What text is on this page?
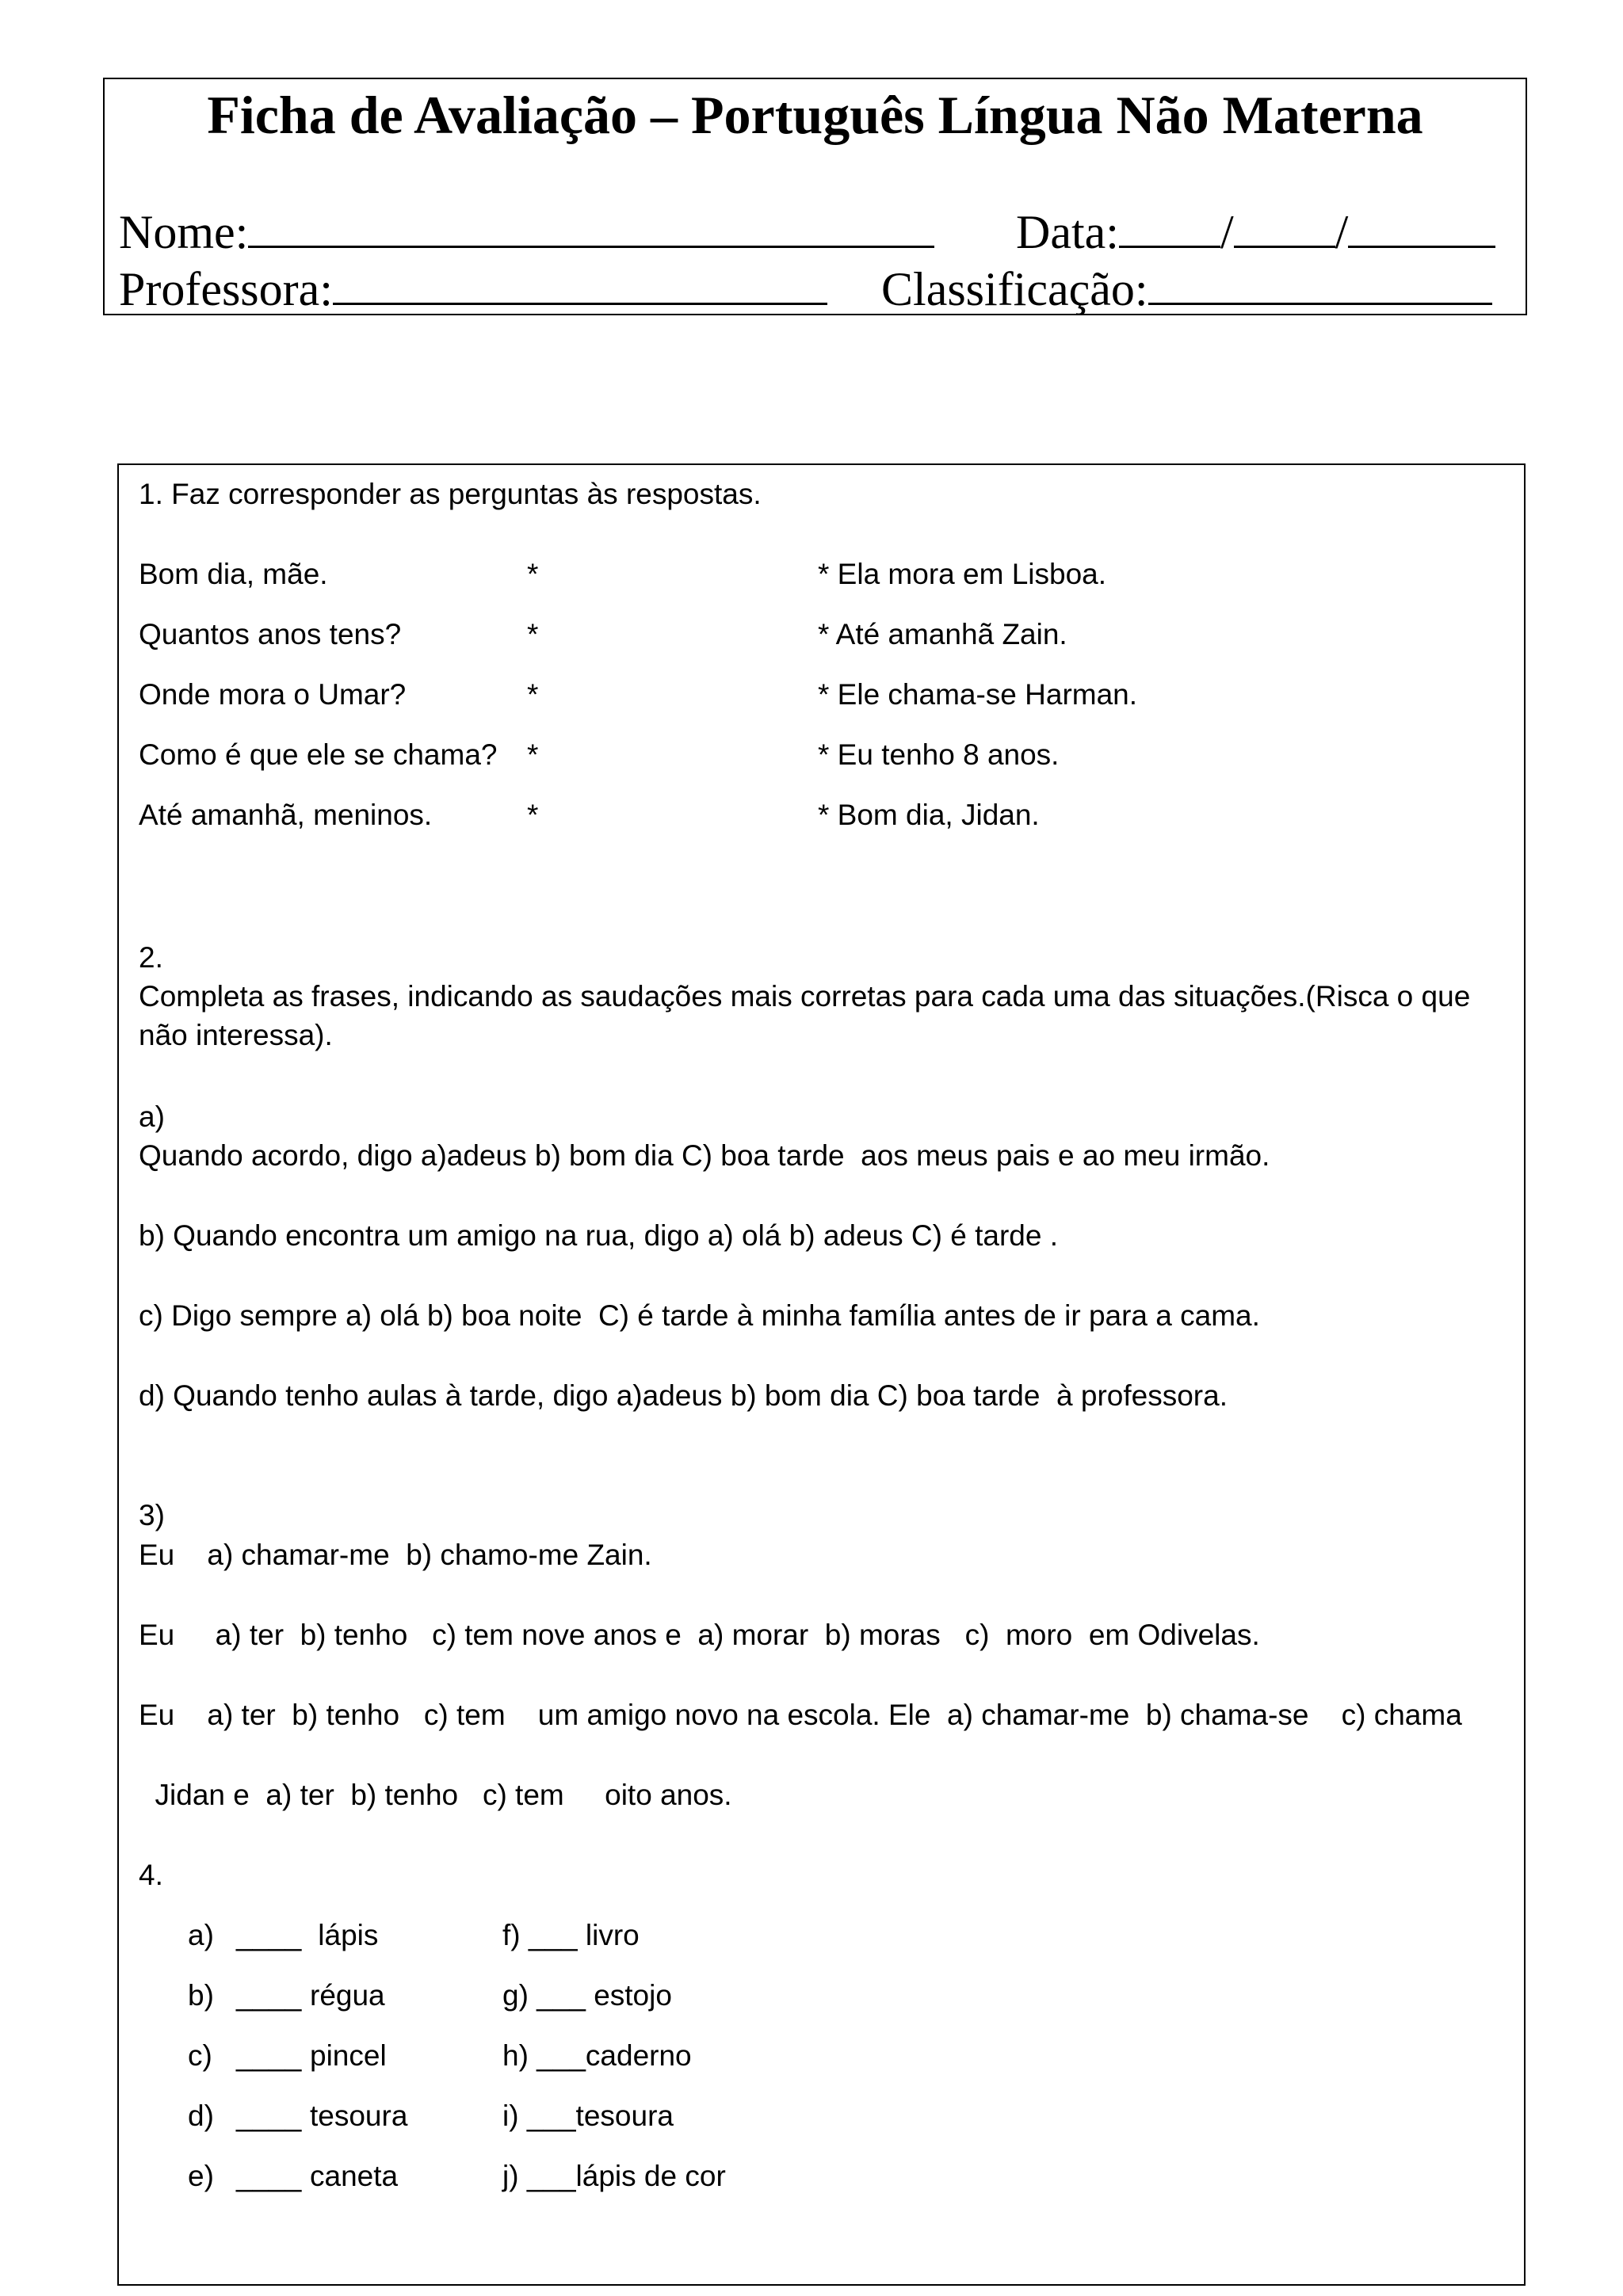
Ficha de Avaliação – Português Língua Não Materna
Nome:	Data: / /
Professora:	Classificação:
1. Faz corresponder as perguntas às respostas.
Bom dia, mãe.
Quantos anos tens?
Onde mora o Umar?
Como é que ele se chama?
Até amanhã, meninos.
*
*
*
*
*
* Ela mora em Lisboa.
* Até amanhã Zain.
* Ele chama-se Harman.
* Eu tenho 8 anos.
* Bom dia, Jidan.
2.
Completa as frases, indicando as saudações mais corretas para cada uma das situações.(Risca o que
não interessa).
a)
Quando acordo, digo a)adeus b) bom dia C) boa tarde  aos meus pais e ao meu irmão.
b) Quando encontra um amigo na rua, digo a) olá b) adeus C) é tarde .
c) Digo sempre a) olá b) boa noite  C) é tarde à minha família antes de ir para a cama.
d) Quando tenho aulas à tarde, digo a)adeus b) bom dia C) boa tarde  à professora.
3)
Eu    a) chamar-me  b) chamo-me Zain.
Eu     a) ter  b) tenho   c) tem nove anos e  a) morar  b) moras   c)  moro  em Odivelas.
Eu    a) ter  b) tenho   c) tem    um amigo novo na escola. Ele  a) chamar-me  b) chama-se    c) chama
Jidan e  a) ter  b) tenho   c) tem     oito anos.
4.
a)
b)
c)
d)
e)
____
____
____
____
____
lápis
régua
pincel
tesoura
caneta
f) ___ livro
g) ___ estojo
h) ___caderno
i) ___tesoura
j) ___lápis de cor
